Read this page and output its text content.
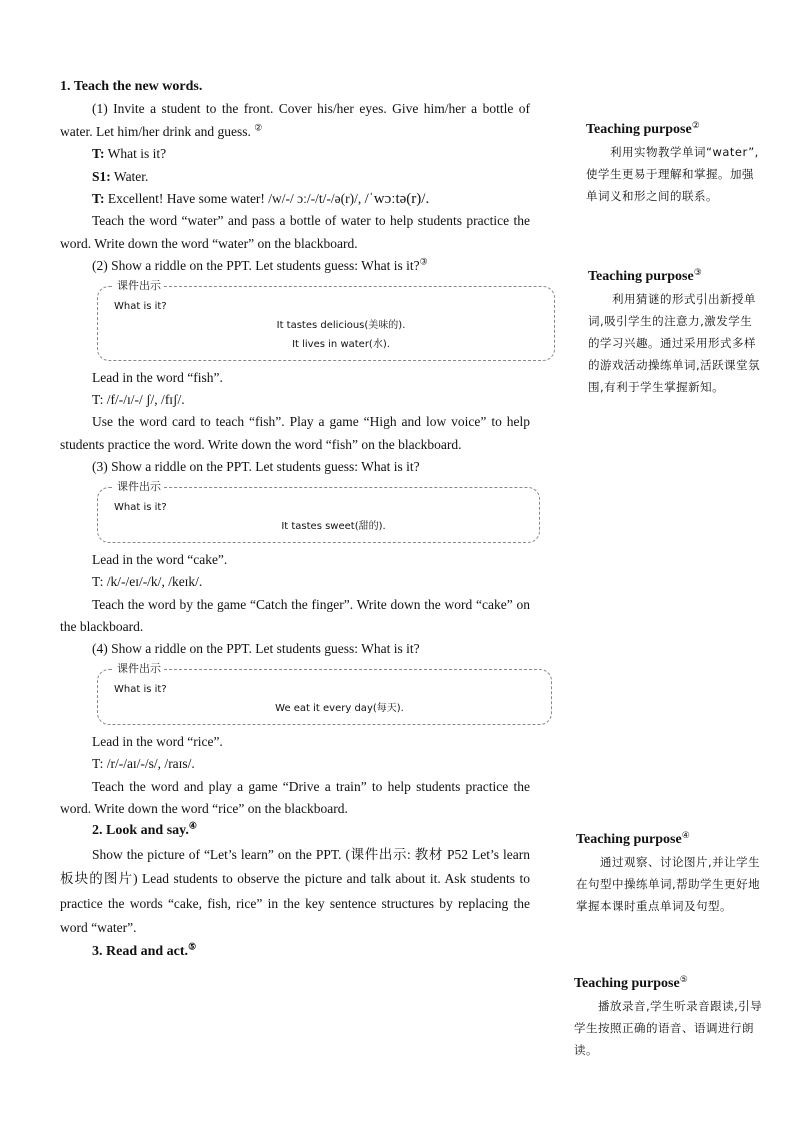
1. Teach the new words.

(1) Invite a student to the front. Cover his/her eyes. Give him/her a bottle of water. Let him/her drink and guess. ②

T: What is it?

S1: Water.

T: Excellent! Have some water! /w/-/ ɔː/-/t/-/ə(r)/, /ˈwɔːtə(r)/.

Teach the word “water” and pass a bottle of water to help students practice the word. Write down the word “water” on the blackboard.

(2) Show a riddle on the PPT. Let students guess: What is it?③

课件出示
What is it?
It tastes delicious(美味的).
It lives in water(水).

Lead in the word “fish”.

T: /f/-/ɪ/-/ ʃ/, /fɪʃ/.

Use the word card to teach “fish”. Play a game “High and low voice” to help students practice the word. Write down the word “fish” on the blackboard.

(3) Show a riddle on the PPT. Let students guess: What is it?

课件出示
What is it?
It tastes sweet(甜的).

Lead in the word “cake”.

T: /k/-/eɪ/-/k/, /keɪk/.

Teach the word by the game “Catch the finger”. Write down the word “cake” on the blackboard.

(4) Show a riddle on the PPT. Let students guess: What is it?

课件出示
What is it?
We eat it every day(每天).

Lead in the word “rice”.

T: /r/-/aɪ/-/s/, /raɪs/.

Teach the word and play a game “Drive a train” to help students practice the word. Write down the word “rice” on the blackboard.

2. Look and say.④

Show the picture of “Let’s learn” on the PPT. (课件出示: 教材 P52 Let’s learn 板块的图片) Lead students to observe the picture and talk about it. Ask students to practice the words “cake, fish, rice” in the key sentence structures by replacing the word “water”.

3. Read and act.⑤

Teaching purpose②

利用实物教学单词“water”,使学生更易于理解和掌握。加强单词义和形之间的联系。

Teaching purpose③

利用猜谜的形式引出新授单词,吸引学生的注意力,激发学生的学习兴趣。通过采用形式多样的游戏活动操练单词,活跃课堂氛围,有利于学生掌握新知。

Teaching purpose④

通过观察、讨论图片,并让学生在句型中操练单词,帮助学生更好地掌握本课时重点单词及句型。

Teaching purpose⑤

播放录音,学生听录音跟读,引导学生按照正确的语音、语调进行朗读。
